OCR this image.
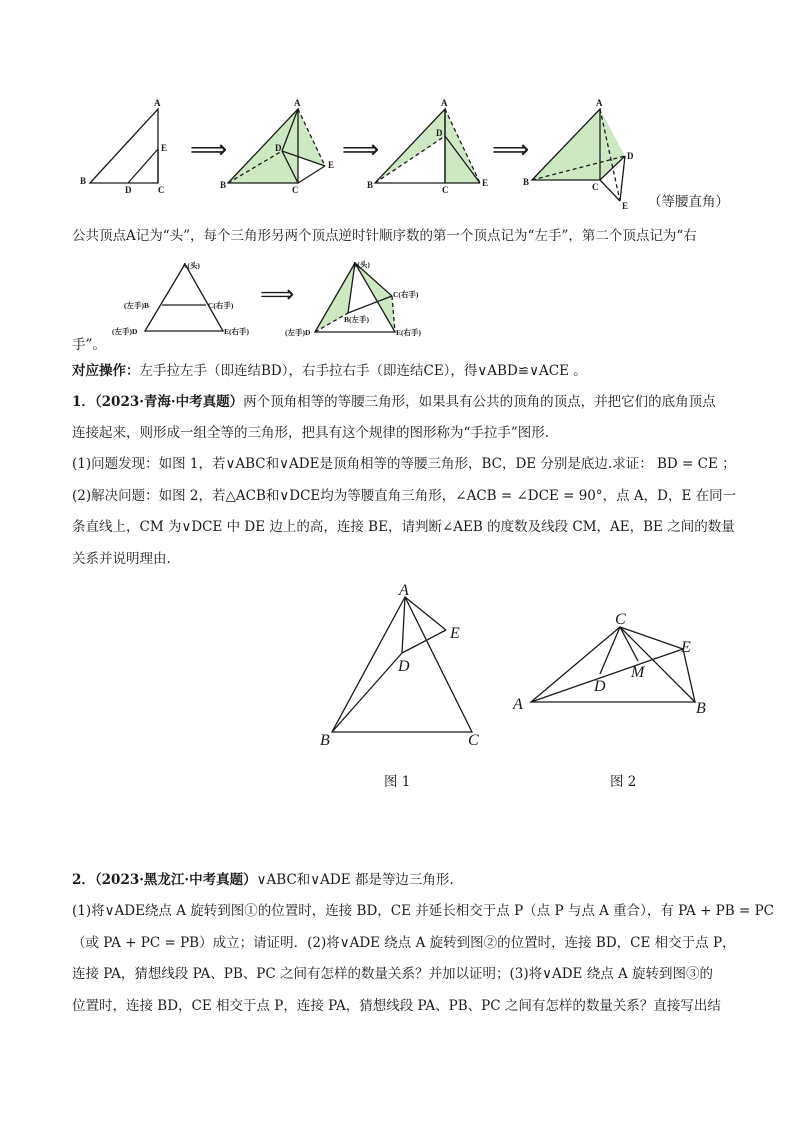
A
E
B
D	C
⟹
A
D
B	C
E
⟹
A
D
B	C
E
⟹
A
D
B	C
E （等腰直角）
公共顶点A记为“头”，每个三角形另两个顶点逆时针顺序数的第一个顶点记为“左手”，第二个顶点记为“右
A(头)
(左手)B	C(右手)
(左手)D	E(右手)
⟹
A(头)
C(右手)
B(左手)
(左手)D	E(右手)
手”。
对应操作：左手拉左手（即连结BD），右手拉右手（即连结CE），得∨ABD≌∨ACE 。
1．（2023·青海·中考真题）两个顶角相等的等腰三角形，如果具有公共的顶角的顶点，并把它们的底角顶点
连接起来，则形成一组全等的三角形，把具有这个规律的图形称为“手拉手”图形.
(1)问题发现：如图 1，若∨ABC和∨ADE是顶角相等的等腰三角形，BC，DE 分别是底边.求证： BD = CE ；
(2)解决问题：如图 2，若△ACB和∨DCE均为等腰直角三角形，∠ACB = ∠DCE = 90°，点 A，D，E 在同一
条直线上，CM 为∨DCE 中 DE 边上的高，连接 BE，请判断∠AEB 的度数及线段 CM，AE，BE 之间的数量
关系并说明理由.
A
E
D
B	C
C
E
M
D
A	B
图 1	图 2
2．（2023·黑龙江·中考真题）∨ABC和∨ADE 都是等边三角形.
(1)将∨ADE绕点 A 旋转到图①的位置时，连接 BD，CE 并延长相交于点 P（点 P 与点 A 重合），有 PA + PB = PC
（或 PA + PC = PB）成立；请证明．(2)将∨ADE 绕点 A 旋转到图②的位置时，连接 BD，CE 相交于点 P，
连接 PA，猜想线段 PA、PB、PC 之间有怎样的数量关系？并加以证明；(3)将∨ADE 绕点 A 旋转到图③的
位置时，连接 BD，CE 相交于点 P，连接 PA，猜想线段 PA、PB、PC 之间有怎样的数量关系？直接写出结
